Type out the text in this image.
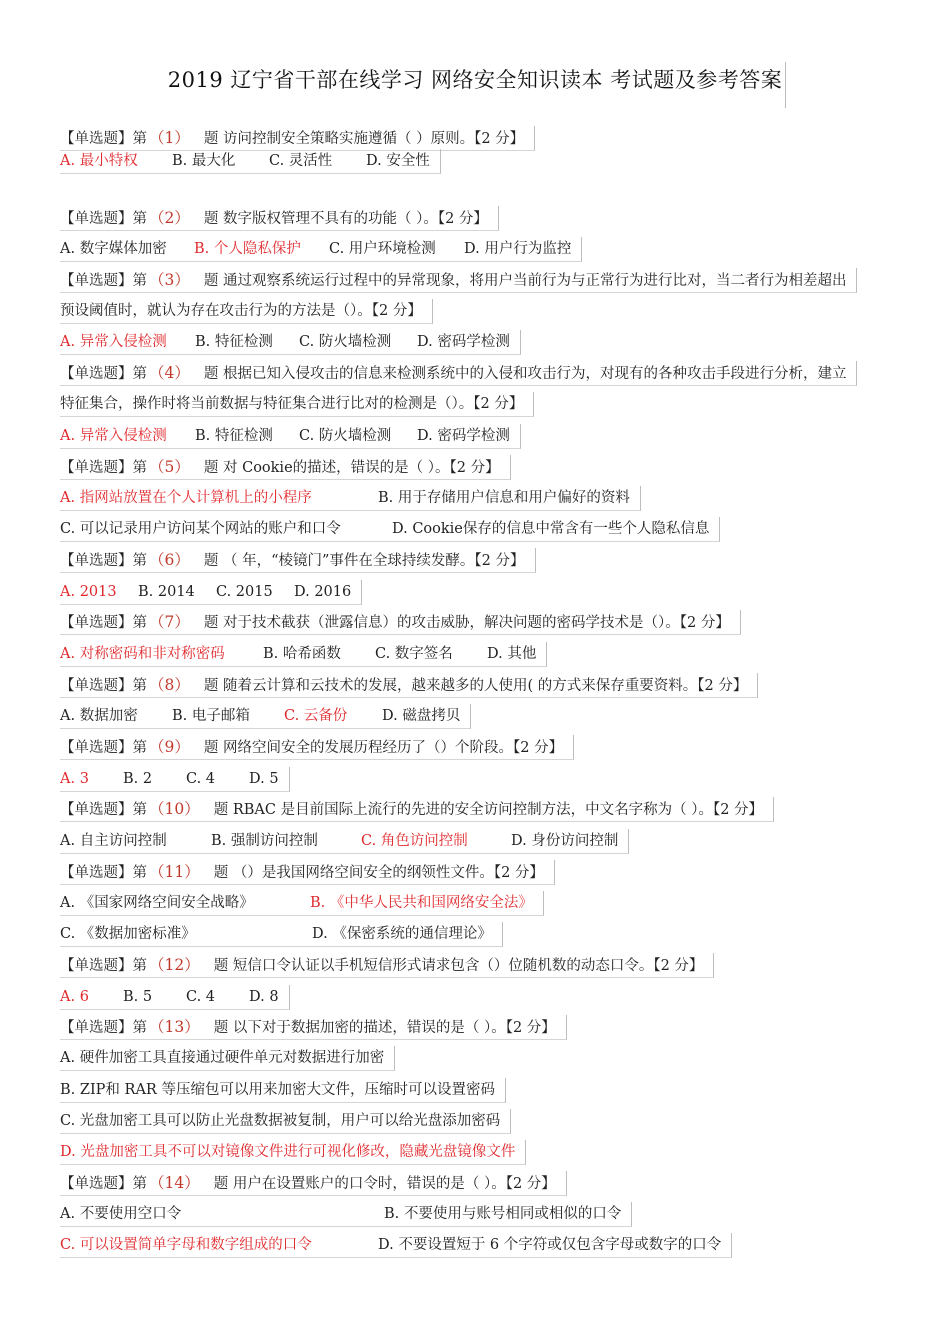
2019 辽宁省干部在线学习 网络安全知识读本 考试题及参考答案
【单选题】第 （1） 题 访问控制安全策略实施遵循（ ）原则。【2 分】
A. 最小特权 B. 最大化 C. 灵活性 D. 安全性
【单选题】第 （2） 题 数字版权管理不具有的功能（ ）。【2 分】
A. 数字媒体加密 B. 个人隐私保护 C. 用户环境检测 D. 用户行为监控
【单选题】第 （3） 题 通过观察系统运行过程中的异常现象，将用户当前行为与正常行为进行比对，当二者行为相差超出
预设阈值时，就认为存在攻击行为的方法是（）。【2 分】
A. 异常入侵检测 B. 特征检测 C. 防火墙检测 D. 密码学检测
【单选题】第 （4） 题 根据已知入侵攻击的信息来检测系统中的入侵和攻击行为，对现有的各种攻击手段进行分析，建立
特征集合，操作时将当前数据与特征集合进行比对的检测是（）。【2 分】
A. 异常入侵检测 B. 特征检测 C. 防火墙检测 D. 密码学检测
【单选题】第 （5） 题 对 Cookie的描述，错误的是（ ）。【2 分】
A. 指网站放置在个人计算机上的小程序	B. 用于存储用户信息和用户偏好的资料
C. 可以记录用户访问某个网站的账户和口令	D. Cookie保存的信息中常含有一些个人隐私信息
【单选题】第 （6） 题 （ 年，“棱镜门”事件在全球持续发酵。【2 分】
A. 2013 B. 2014 C. 2015 D. 2016
【单选题】第 （7） 题 对于技术截获（泄露信息）的攻击威胁，解决问题的密码学技术是（）。【2 分】
A. 对称密码和非对称密码	B. 哈希函数 C. 数字签名 D. 其他
【单选题】第 （8） 题 随着云计算和云技术的发展，越来越多的人使用( 的方式来保存重要资料。【2 分】
A. 数据加密 B. 电子邮箱 C. 云备份 D. 磁盘拷贝
【单选题】第 （9） 题 网络空间安全的发展历程经历了（）个阶段。【2 分】
A. 3 B. 2 C. 4 D. 5
【单选题】第 （10） 题 RBAC 是目前国际上流行的先进的安全访问控制方法，中文名字称为（ ）。【2 分】
A. 自主访问控制	B. 强制访问控制	C. 角色访问控制	D. 身份访问控制
【单选题】第 （11） 题 （）是我国网络空间安全的纲领性文件。【2 分】
A. 《国家网络空间安全战略》	B. 《中华人民共和国网络安全法》
C. 《数据加密标准》	D. 《保密系统的通信理论》
【单选题】第 （12） 题 短信口令认证以手机短信形式请求包含（）位随机数的动态口令。【2 分】
A. 6 B. 5 C. 4 D. 8
【单选题】第 （13） 题 以下对于数据加密的描述，错误的是（ ）。【2 分】
A. 硬件加密工具直接通过硬件单元对数据进行加密
B. ZIP和 RAR 等压缩包可以用来加密大文件，压缩时可以设置密码
C. 光盘加密工具可以防止光盘数据被复制，用户可以给光盘添加密码
D. 光盘加密工具不可以对镜像文件进行可视化修改，隐藏光盘镜像文件
【单选题】第 （14） 题 用户在设置账户的口令时，错误的是（ ）。【2 分】
A. 不要使用空口令	B. 不要使用与账号相同或相似的口令
C. 可以设置简单字母和数字组成的口令	D. 不要设置短于 6 个字符或仅包含字母或数字的口令
